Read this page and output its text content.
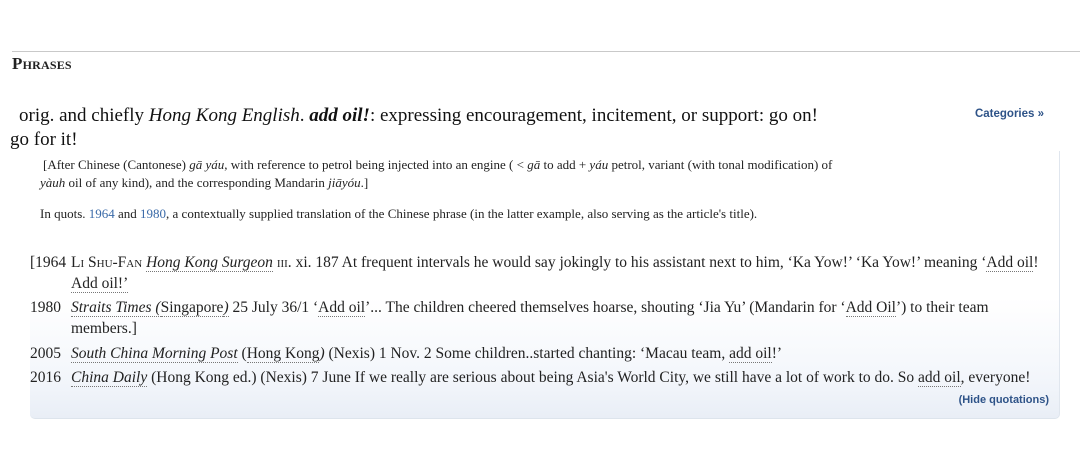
Phrases
orig. and chiefly Hong Kong English. add oil!: expressing encouragement, incitement, or support: go on!
go for it!
Categories »
[After Chinese (Cantonese) gā yáu, with reference to petrol being injected into an engine ( < gā to add + yáu petrol, variant (with tonal modification) of
yàuh oil of any kind), and the corresponding Mandarin jiāyóu.]
In quots. 1964 and 1980, a contextually supplied translation of the Chinese phrase (in the latter example, also serving as the article's title).
[1964 Li Shu-Fan Hong Kong Surgeon iii. xi. 187 At frequent intervals he would say jokingly to his assistant next to him, ‘Ka Yow!’ ‘Ka Yow!’ meaning ‘Add oil!
Add oil!’
1980 Straits Times (Singapore) 25 July 36/1 ‘Add oil’... The children cheered themselves hoarse, shouting ‘Jia Yu’ (Mandarin for ‘Add Oil’) to their team
members.]
2005 South China Morning Post (Hong Kong) (Nexis) 1 Nov. 2 Some children..started chanting: ‘Macau team, add oil!’
2016 China Daily (Hong Kong ed.) (Nexis) 7 June If we really are serious about being Asia's World City, we still have a lot of work to do. So add oil, everyone!
(Hide quotations)
